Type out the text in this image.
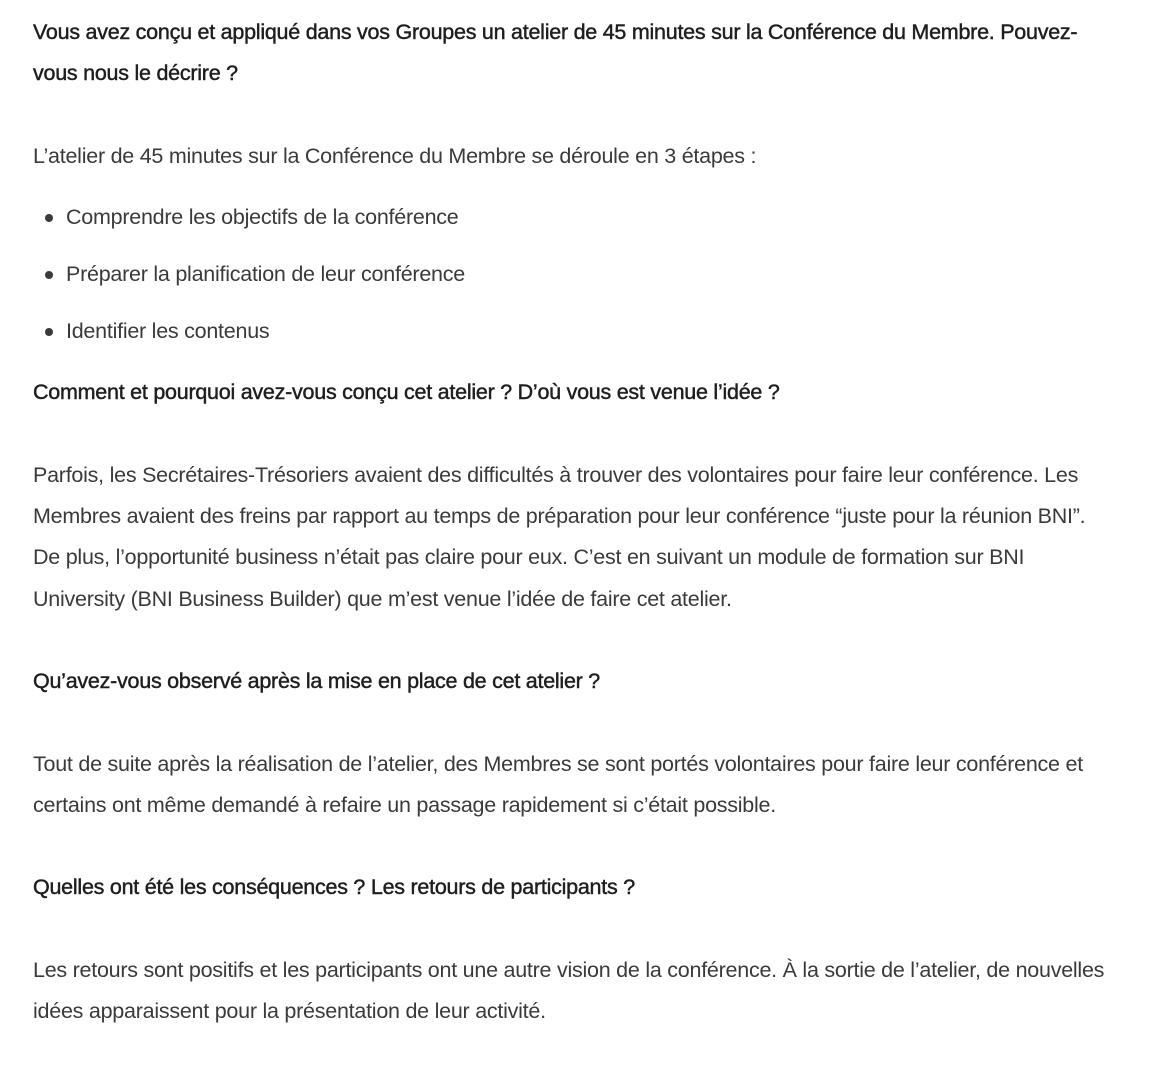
Vous avez conçu et appliqué dans vos Groupes un atelier de 45 minutes sur la Conférence du Membre. Pouvez-vous nous le décrire ?

L’atelier de 45 minutes sur la Conférence du Membre se déroule en 3 étapes :

Comprendre les objectifs de la conférence
Préparer la planification de leur conférence
Identifier les contenus

Comment et pourquoi avez-vous conçu cet atelier ? D’où vous est venue l’idée ?

Parfois, les Secrétaires-Trésoriers avaient des difficultés à trouver des volontaires pour faire leur conférence. Les Membres avaient des freins par rapport au temps de préparation pour leur conférence “juste pour la réunion BNI”. De plus, l’opportunité business n’était pas claire pour eux. C’est en suivant un module de formation sur BNI University (BNI Business Builder) que m’est venue l’idée de faire cet atelier.

Qu’avez-vous observé après la mise en place de cet atelier ?

Tout de suite après la réalisation de l’atelier, des Membres se sont portés volontaires pour faire leur conférence et certains ont même demandé à refaire un passage rapidement si c’était possible.

Quelles ont été les conséquences ? Les retours de participants ?

Les retours sont positifs et les participants ont une autre vision de la conférence. À la sortie de l’atelier, de nouvelles idées apparaissent pour la présentation de leur activité.
